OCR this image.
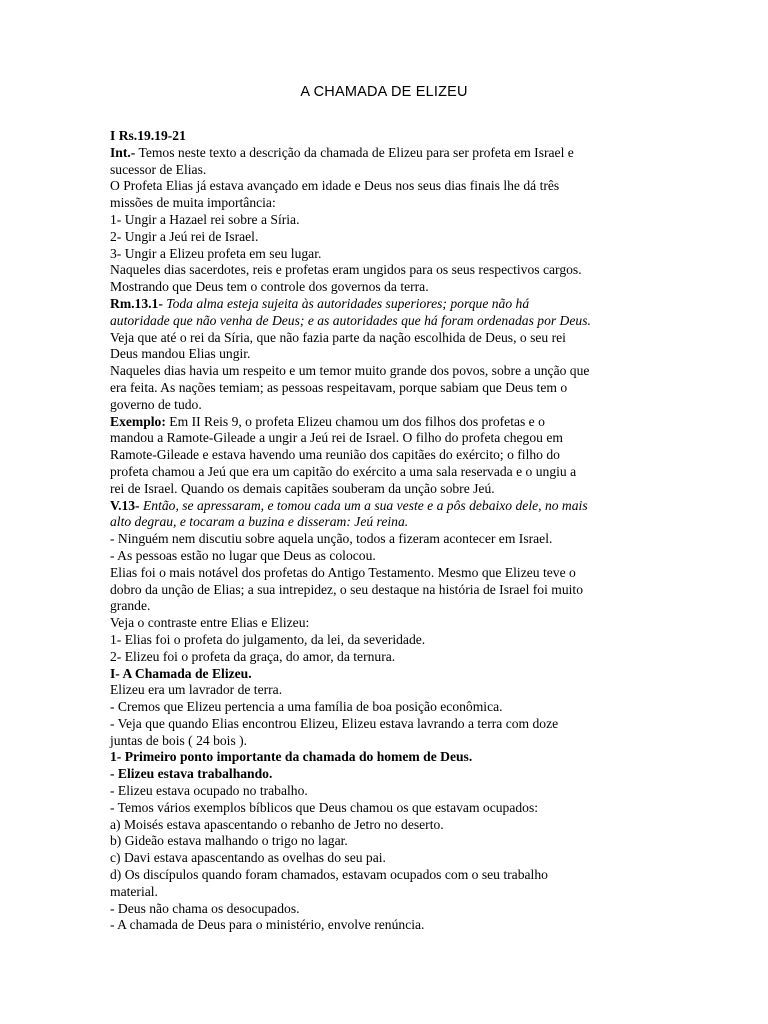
A CHAMADA DE ELIZEU
I Rs.19.19-21
Int.- Temos neste texto a descrição da chamada de Elizeu para ser profeta em Israel e
sucessor de Elias.
O Profeta Elias já estava avançado em idade e Deus nos seus dias finais lhe dá três
missões de muita importância:
1- Ungir a Hazael rei sobre a Síria.
2- Ungir a Jeú rei de Israel.
3- Ungir a Elizeu profeta em seu lugar.
Naqueles dias sacerdotes, reis e profetas eram ungidos para os seus respectivos cargos.
Mostrando que Deus tem o controle dos governos da terra.
Rm.13.1- Toda alma esteja sujeita às autoridades superiores; porque não há
autoridade que não venha de Deus; e as autoridades que há foram ordenadas por Deus.
Veja que até o rei da Síria, que não fazia parte da nação escolhida de Deus, o seu rei
Deus mandou Elias ungir.
Naqueles dias havia um respeito e um temor muito grande dos povos, sobre a unção que
era feita. As nações temiam; as pessoas respeitavam, porque sabiam que Deus tem o
governo de tudo.
Exemplo: Em II Reis 9, o profeta Elizeu chamou um dos filhos dos profetas e o
mandou a Ramote-Gileade a ungir a Jeú rei de Israel. O filho do profeta chegou em
Ramote-Gileade e estava havendo uma reunião dos capitães do exército; o filho do
profeta chamou a Jeú que era um capitão do exército a uma sala reservada e o ungiu a
rei de Israel. Quando os demais capitães souberam da unção sobre Jeú.
V.13- Então, se apressaram, e tomou cada um a sua veste e a pôs debaixo dele, no mais
alto degrau, e tocaram a buzina e disseram: Jeú reina.
- Ninguém nem discutiu sobre aquela unção, todos a fizeram acontecer em Israel.
- As pessoas estão no lugar que Deus as colocou.
Elias foi o mais notável dos profetas do Antigo Testamento. Mesmo que Elizeu teve o
dobro da unção de Elias; a sua intrepidez, o seu destaque na história de Israel foi muito
grande.
Veja o contraste entre Elias e Elizeu:
1- Elias foi o profeta do julgamento, da lei, da severidade.
2- Elizeu foi o profeta da graça, do amor, da ternura.
I- A Chamada de Elizeu.
Elizeu era um lavrador de terra.
- Cremos que Elizeu pertencia a uma família de boa posição econômica.
- Veja que quando Elias encontrou Elizeu, Elizeu estava lavrando a terra com doze
juntas de bois ( 24 bois ).
1- Primeiro ponto importante da chamada do homem de Deus.
- Elizeu estava trabalhando.
- Elizeu estava ocupado no trabalho.
- Temos vários exemplos bíblicos que Deus chamou os que estavam ocupados:
a) Moisés estava apascentando o rebanho de Jetro no deserto.
b) Gideão estava malhando o trigo no lagar.
c) Davi estava apascentando as ovelhas do seu pai.
d) Os discípulos quando foram chamados, estavam ocupados com o seu trabalho
material.
- Deus não chama os desocupados.
- A chamada de Deus para o ministério, envolve renúncia.
